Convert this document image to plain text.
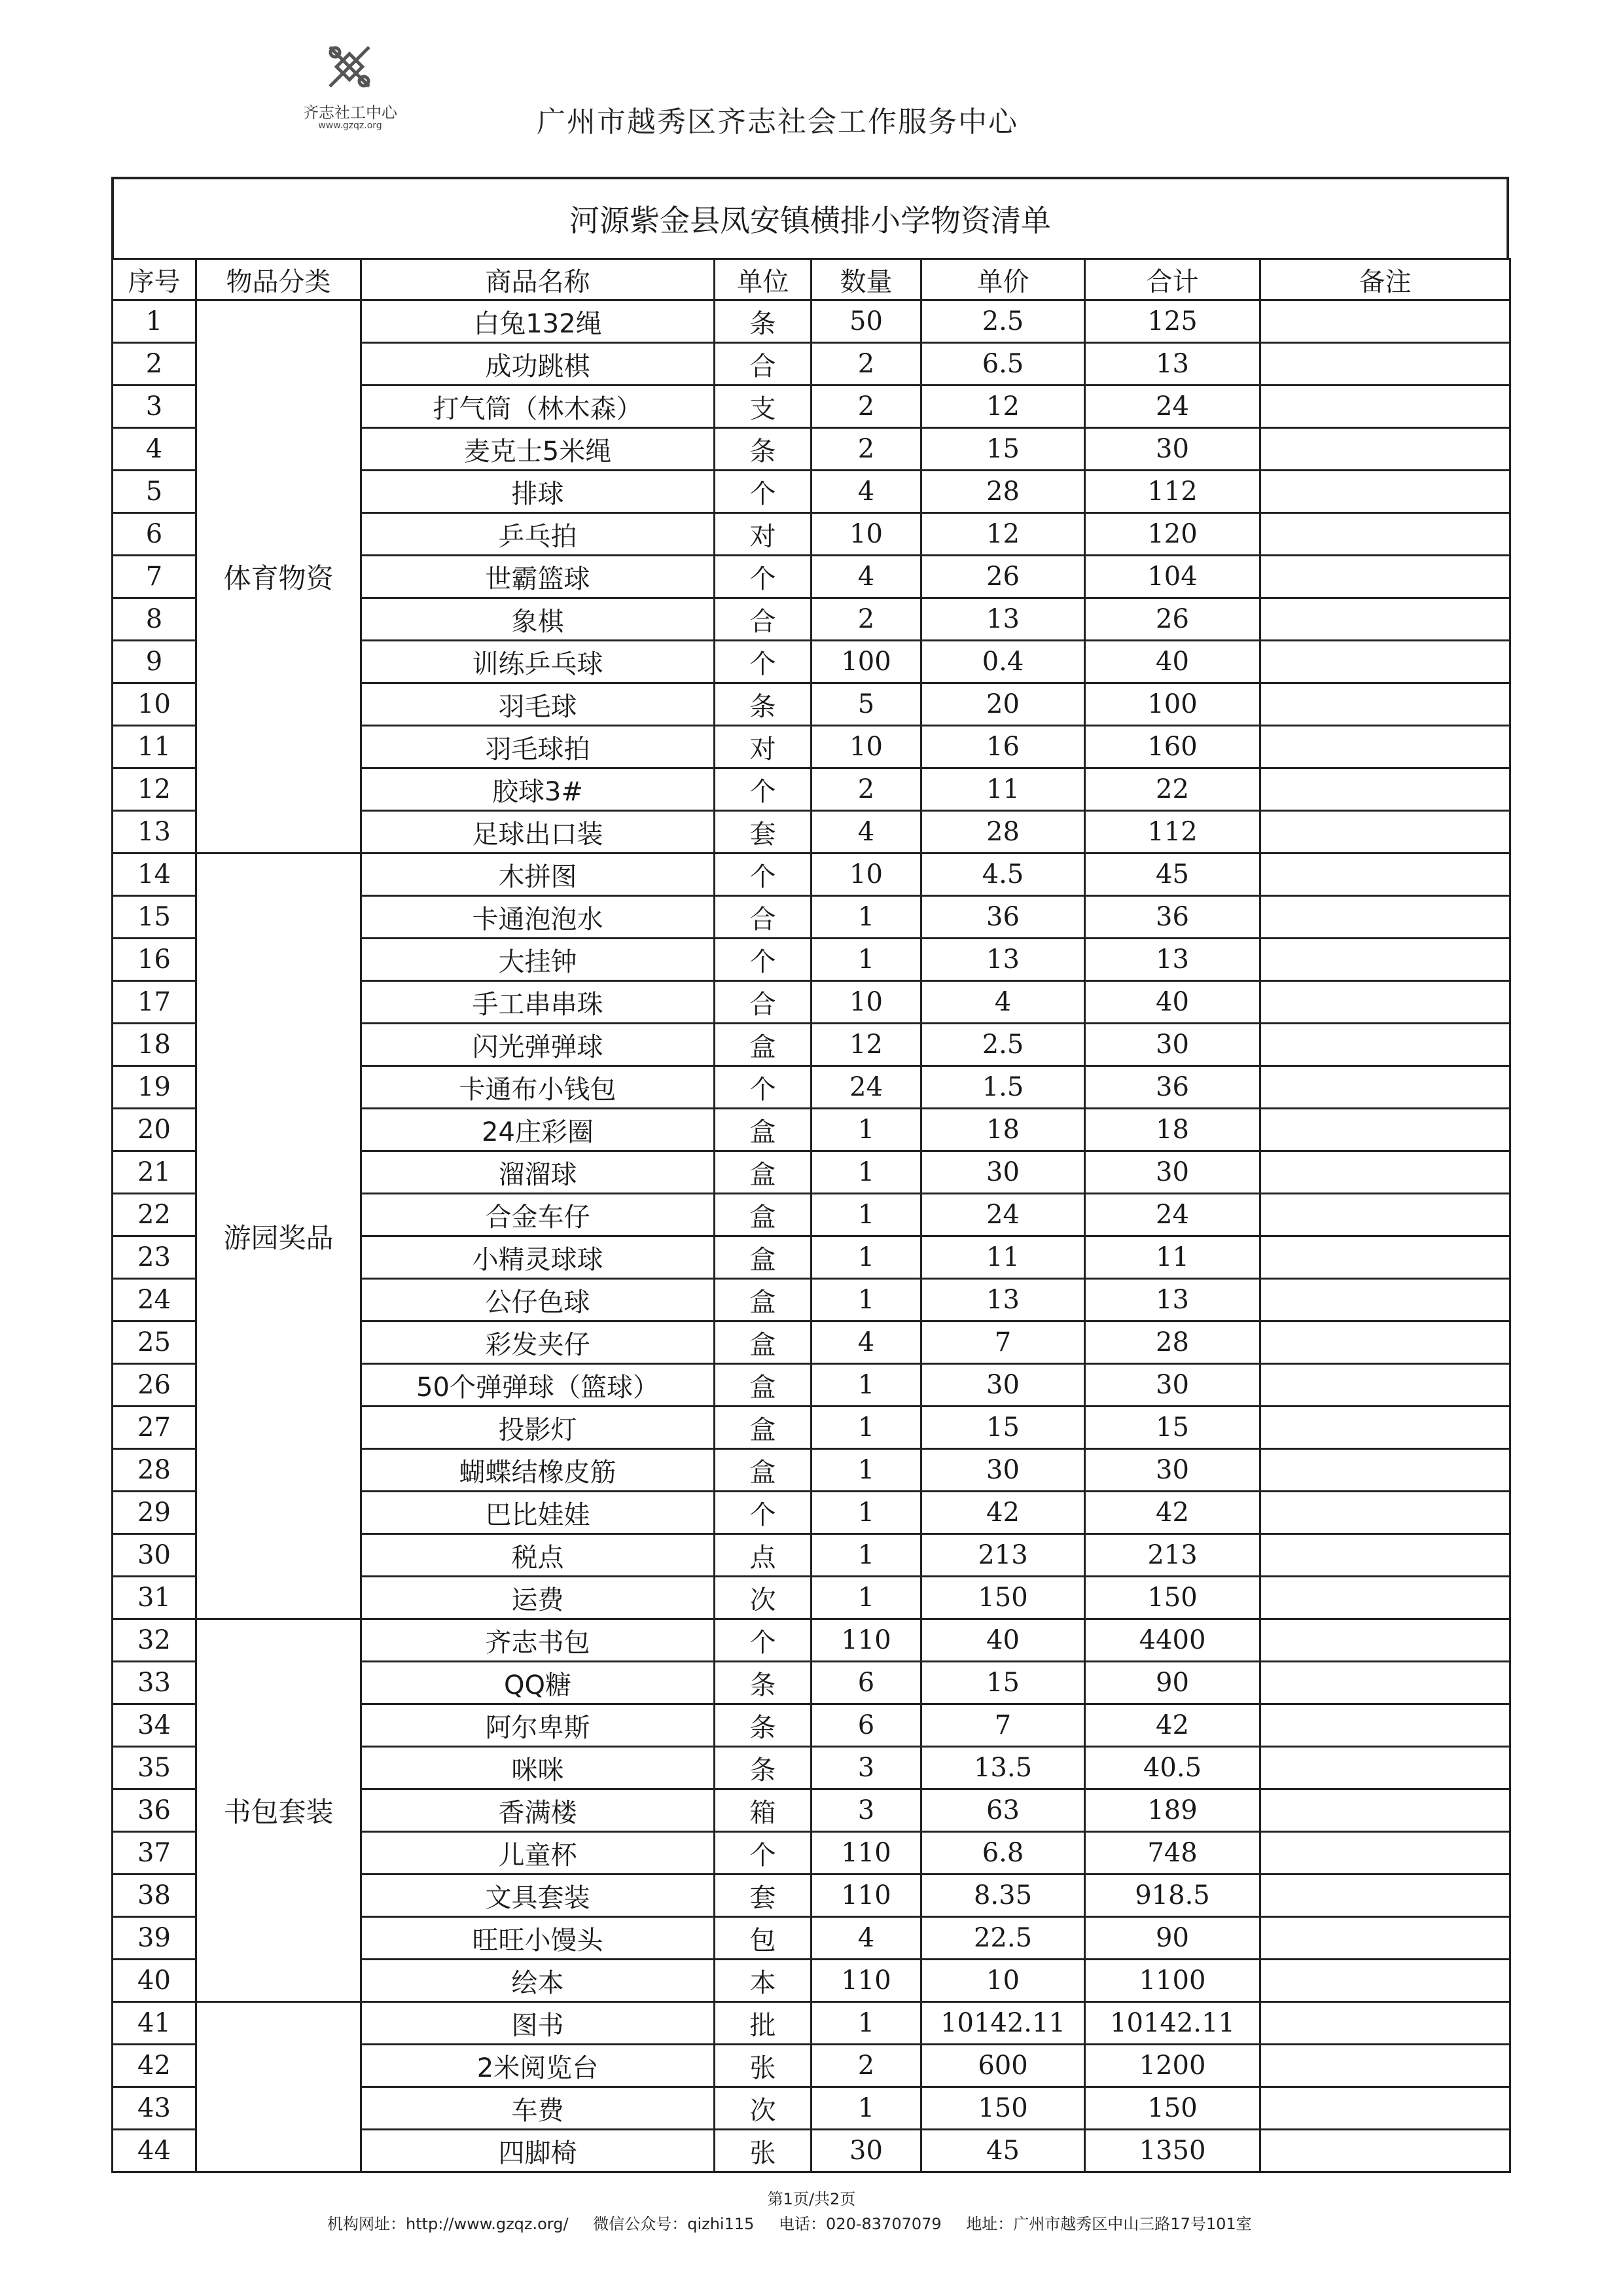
齐志社工中心
www.gzqz.org	广州市越秀区齐志社会工作服务中心
河源紫金县凤安镇横排小学物资清单
序号	物品分类	商品名称	单位	数量	单价	合计	备注
1	体育物资	白兔132绳	条	50	2.5	125	
2		成功跳棋	合	2	6.5	13	
3		打气筒（林木森）	支	2	12	24	
4		麦克士5米绳	条	2	15	30	
5		排球	个	4	28	112	
6		乒乓拍	对	10	12	120	
7		世霸篮球	个	4	26	104	
8		象棋	合	2	13	26	
9		训练乒乓球	个	100	0.4	40	
10		羽毛球	条	5	20	100	
11		羽毛球拍	对	10	16	160	
12		胶球3#	个	2	11	22	
13		足球出口装	套	4	28	112	
14	游园奖品	木拼图	个	10	4.5	45	
15		卡通泡泡水	合	1	36	36	
16		大挂钟	个	1	13	13	
17		手工串串珠	合	10	4	40	
18		闪光弹弹球	盒	12	2.5	30	
19		卡通布小钱包	个	24	1.5	36	
20		24庄彩圈	盒	1	18	18	
21		溜溜球	盒	1	30	30	
22		合金车仔	盒	1	24	24	
23		小精灵球球	盒	1	11	11	
24		公仔色球	盒	1	13	13	
25		彩发夹仔	盒	4	7	28	
26		50个弹弹球（篮球）	盒	1	30	30	
27		投影灯	盒	1	15	15	
28		蝴蝶结橡皮筋	盒	1	30	30	
29		巴比娃娃	个	1	42	42	
30		税点	点	1	213	213	
31		运费	次	1	150	150	
32	书包套装	齐志书包	个	110	40	4400	
33		QQ糖	条	6	15	90	
34		阿尔卑斯	条	6	7	42	
35		咪咪	条	3	13.5	40.5	
36		香满楼	箱	3	63	189	
37		儿童杯	个	110	6.8	748	
38		文具套装	套	110	8.35	918.5	
39		旺旺小馒头	包	4	22.5	90	
40		绘本	本	110	10	1100	
41		图书	批	1	10142.11	10142.11	
42		2米阅览台	张	2	600	1200	
43		车费	次	1	150	150	
44		四脚椅	张	30	45	1350	
第1页/共2页
机构网址：http://www.gzqz.org/ 微信公众号：qizhi115 电话：020-83707079 地址：广州市越秀区中山三路17号101室
